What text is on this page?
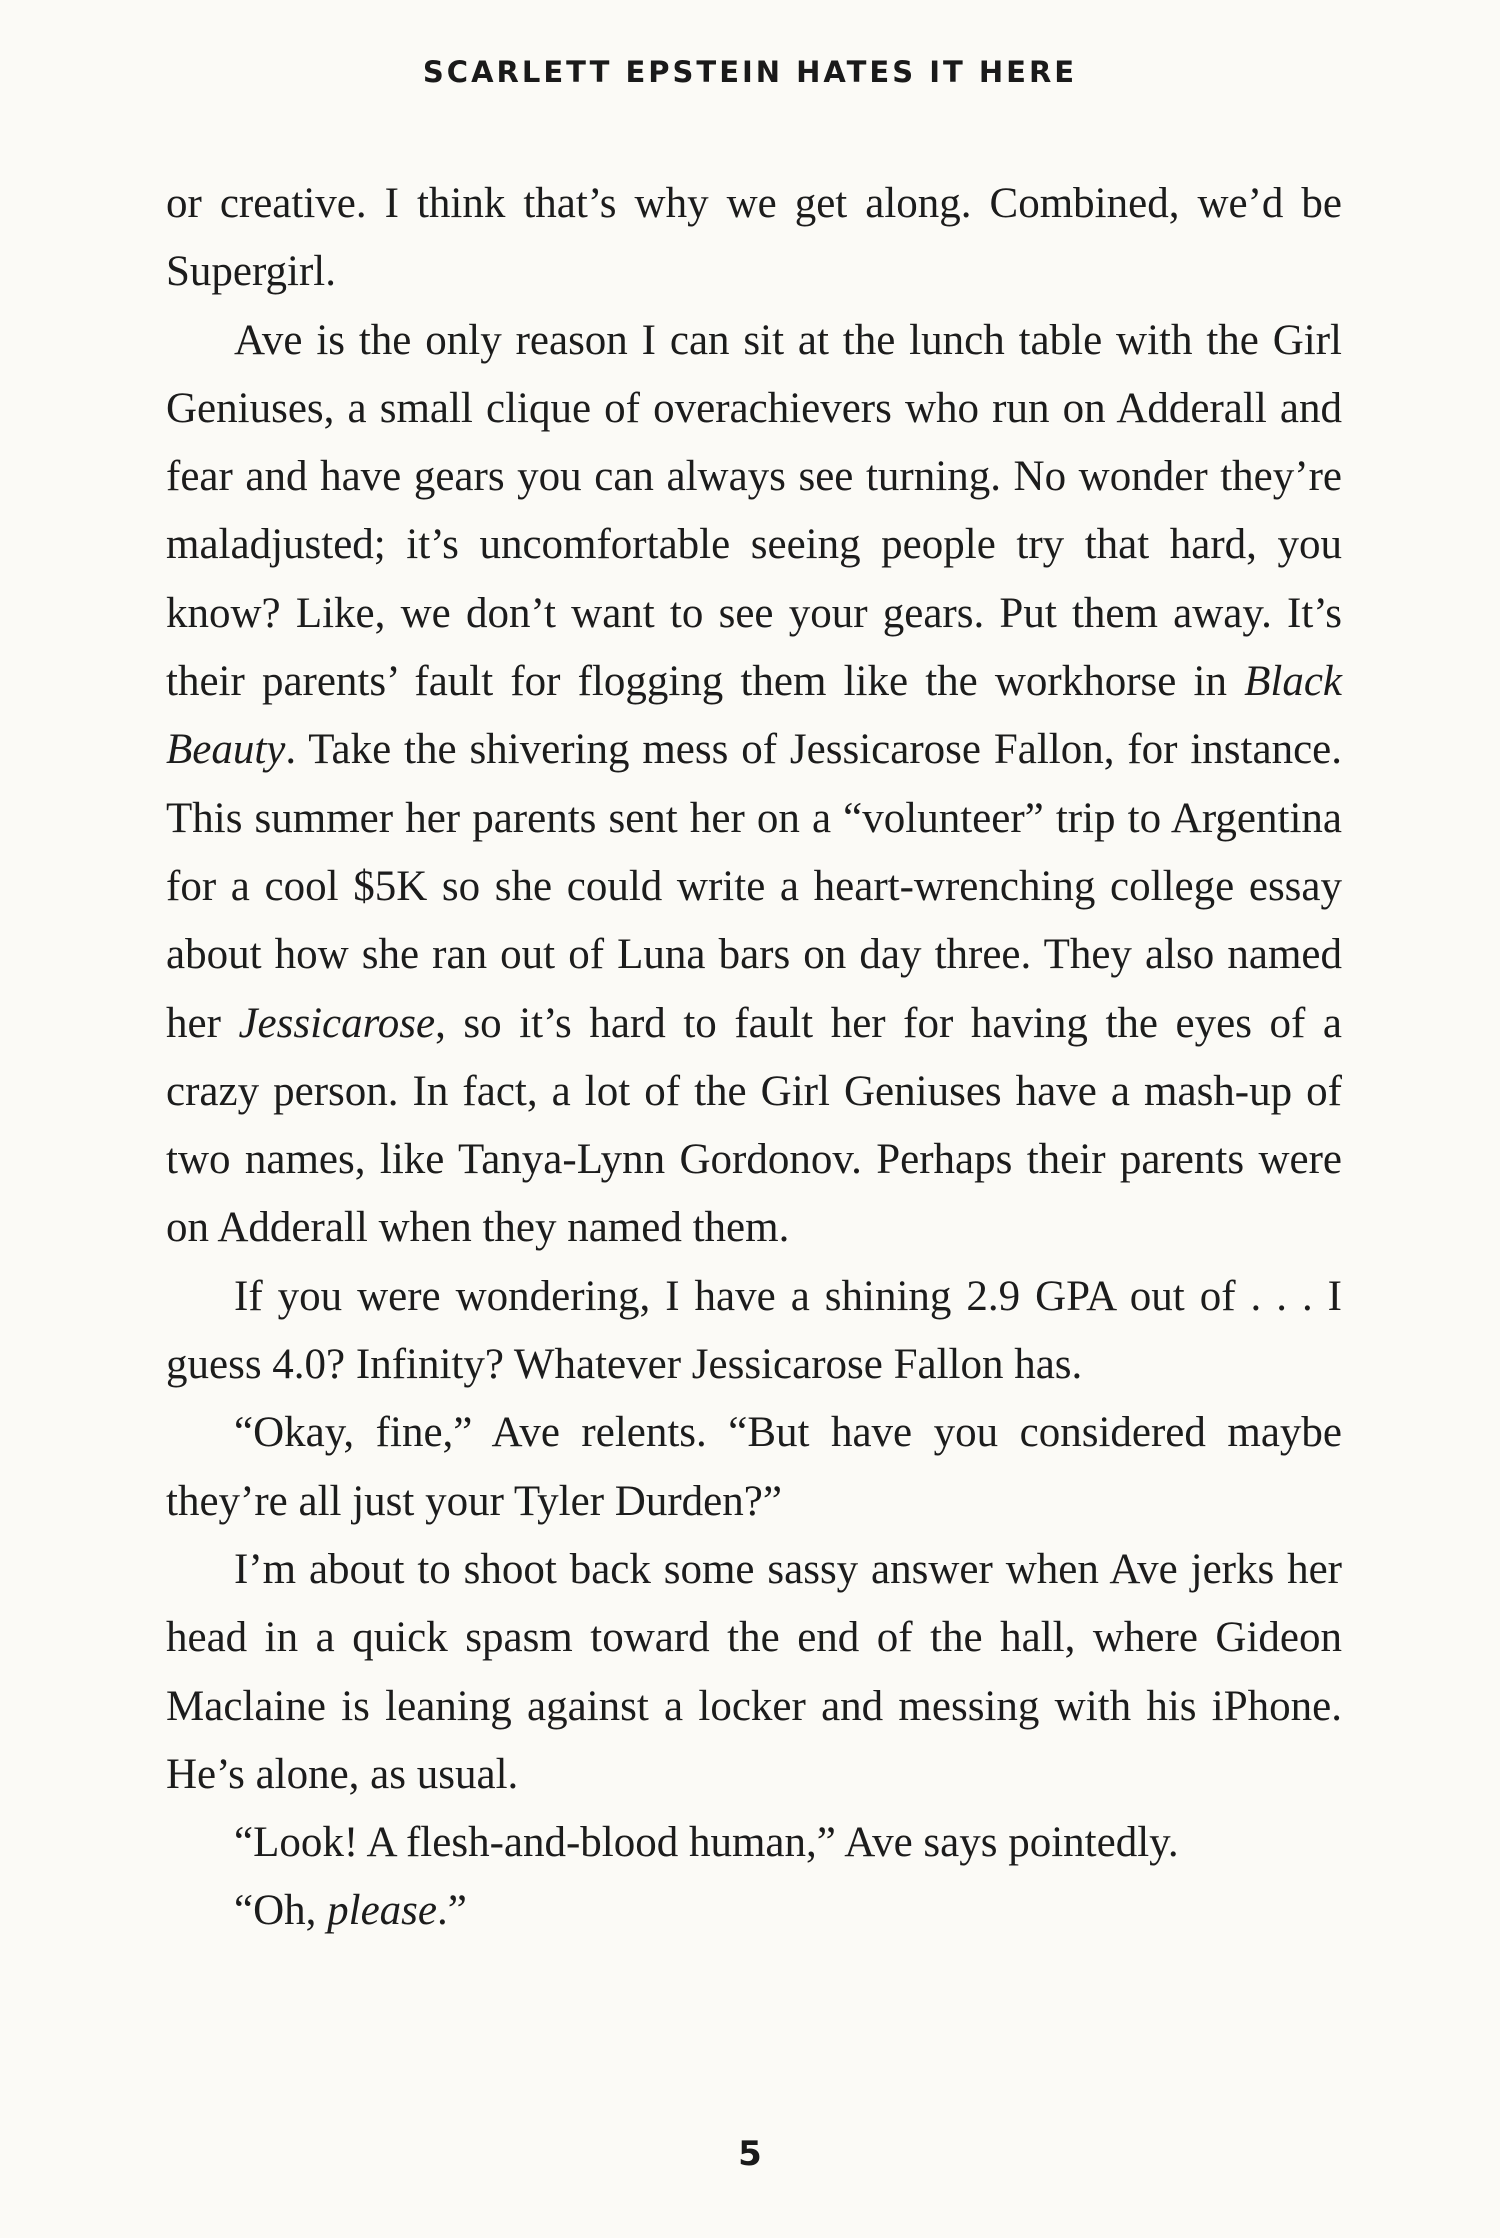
SCARLETT EPSTEIN HATES IT HERE

or creative. I think that’s why we get along. Combined, we’d be Supergirl.

Ave is the only reason I can sit at the lunch table with the Girl Geniuses, a small clique of overachievers who run on Adderall and fear and have gears you can always see turning. No wonder they’re maladjusted; it’s uncomfortable seeing people try that hard, you know? Like, we don’t want to see your gears. Put them away. It’s their parents’ fault for flogging them like the workhorse in Black Beauty. Take the shivering mess of Jessicarose Fallon, for instance. This summer her parents sent her on a “volunteer” trip to Argentina for a cool $5K so she could write a heart-wrenching college essay about how she ran out of Luna bars on day three. They also named her Jessicarose, so it’s hard to fault her for having the eyes of a crazy person. In fact, a lot of the Girl Geniuses have a mash-up of two names, like Tanya-Lynn Gordonov. Perhaps their parents were on Adderall when they named them.

If you were wondering, I have a shining 2.9 GPA out of . . . I guess 4.0? Infinity? Whatever Jessicarose Fallon has.

“Okay, fine,” Ave relents. “But have you considered maybe they’re all just your Tyler Durden?”

I’m about to shoot back some sassy answer when Ave jerks her head in a quick spasm toward the end of the hall, where Gideon Maclaine is leaning against a locker and messing with his iPhone. He’s alone, as usual.

“Look! A flesh-and-blood human,” Ave says pointedly.

“Oh, please.”

5
